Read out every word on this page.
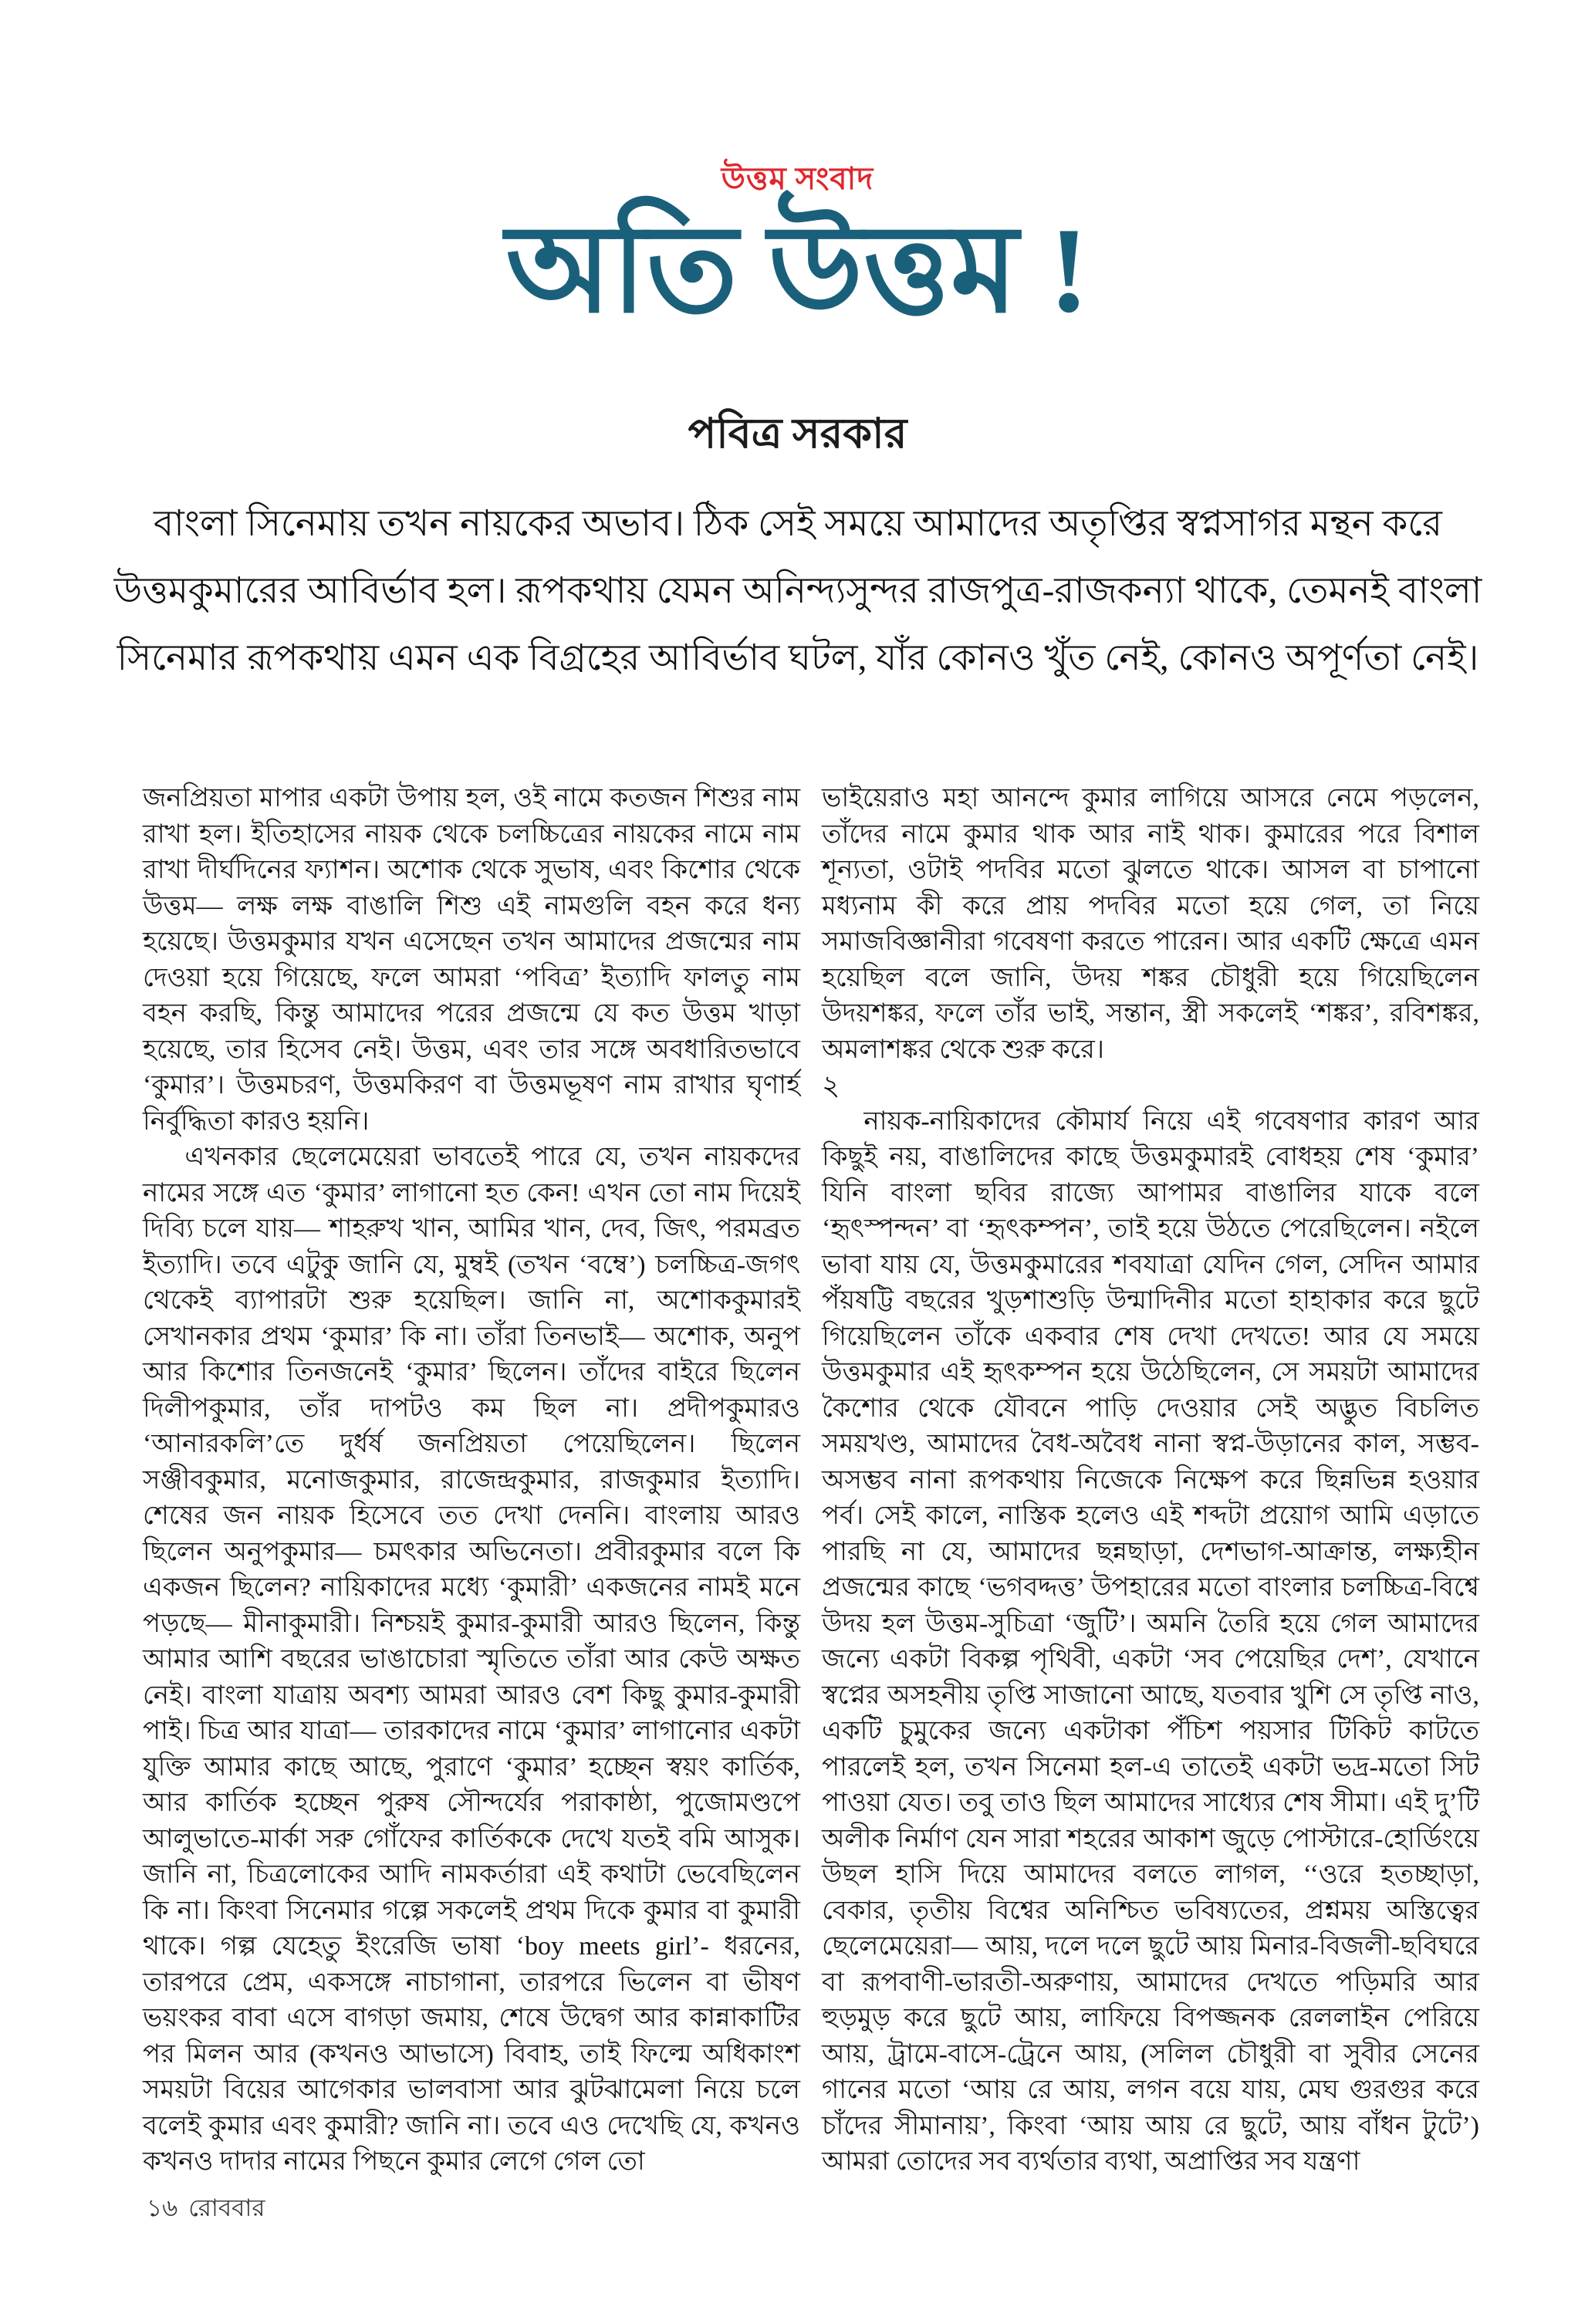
উত্তম সংবাদ
অতি উত্তম !
পবিত্র সরকার
বাংলা সিনেমায় তখন নায়কের অভাব। ঠিক সেই সময়ে আমাদের অতৃপ্তির স্বপ্নসাগর মন্থন করে উত্তমকুমারের আবির্ভাব হল। রূপকথায় যেমন অনিন্দ্যসুন্দর রাজপুত্র-রাজকন্যা থাকে, তেমনই বাংলা সিনেমার রূপকথায় এমন এক বিগ্রহের আবির্ভাব ঘটল, যাঁর কোনও খুঁত নেই, কোনও অপূর্ণতা নেই।

জনপ্রিয়তা মাপার একটা উপায় হল, ওই নামে কতজন শিশুর নাম রাখা হল। ইতিহাসের নায়ক থেকে চলচ্চিত্রের নায়কের নামে নাম রাখা দীর্ঘদিনের ফ্যাশন। অশোক থেকে সুভাষ, এবং কিশোর থেকে উত্তম— লক্ষ লক্ষ বাঙালি শিশু এই নামগুলি বহন করে ধন্য হয়েছে। উত্তমকুমার যখন এসেছেন তখন আমাদের প্রজন্মের নাম দেওয়া হয়ে গিয়েছে, ফলে আমরা ‘পবিত্র’ ইত্যাদি ফালতু নাম বহন করছি, কিন্তু আমাদের পরের প্রজন্মে যে কত উত্তম খাড়া হয়েছে, তার হিসেব নেই। উত্তম, এবং তার সঙ্গে অবধারিতভাবে ‘কুমার’। উত্তমচরণ, উত্তমকিরণ বা উত্তমভূষণ নাম রাখার ঘৃণার্হ নির্বুদ্ধিতা কারও হয়নি।

এখনকার ছেলেমেয়েরা ভাবতেই পারে যে, তখন নায়কদের নামের সঙ্গে এত ‘কুমার’ লাগানো হত কেন! এখন তো নাম দিয়েই দিব্যি চলে যায়— শাহরুখ খান, আমির খান, দেব, জিৎ, পরমব্রত ইত্যাদি। তবে এটুকু জানি যে, মুম্বই (তখন ‘বম্বে’) চলচ্চিত্র-জগৎ থেকেই ব্যাপারটা শুরু হয়েছিল। জানি না, অশোককুমারই সেখানকার প্রথম ‘কুমার’ কি না। তাঁরা তিনভাই— অশোক, অনুপ আর কিশোর তিনজনেই ‘কুমার’ ছিলেন। তাঁদের বাইরে ছিলেন দিলীপকুমার, তাঁর দাপটও কম ছিল না। প্রদীপকুমারও ‘আনারকলি’তে দুর্ধর্ষ জনপ্রিয়তা পেয়েছিলেন। ছিলেন সঞ্জীবকুমার, মনোজকুমার, রাজেন্দ্রকুমার, রাজকুমার ইত্যাদি। শেষের জন নায়ক হিসেবে তত দেখা দেননি। বাংলায় আরও ছিলেন অনুপকুমার— চমৎকার অভিনেতা। প্রবীরকুমার বলে কি একজন ছিলেন? নায়িকাদের মধ্যে ‘কুমারী’ একজনের নামই মনে পড়ছে— মীনাকুমারী। নিশ্চয়ই কুমার-কুমারী আরও ছিলেন, কিন্তু আমার আশি বছরের ভাঙাচোরা স্মৃতিতে তাঁরা আর কেউ অক্ষত নেই। বাংলা যাত্রায় অবশ্য আমরা আরও বেশ কিছু কুমার-কুমারী পাই। চিত্র আর যাত্রা— তারকাদের নামে ‘কুমার’ লাগানোর একটা যুক্তি আমার কাছে আছে, পুরাণে ‘কুমার’ হচ্ছেন স্বয়ং কার্তিক, আর কার্তিক হচ্ছেন পুরুষ সৌন্দর্যের পরাকাষ্ঠা, পুজোমণ্ডপে আলুভাতে-মার্কা সরু গোঁফের কার্তিককে দেখে যতই বমি আসুক। জানি না, চিত্রলোকের আদি নামকর্তারা এই কথাটা ভেবেছিলেন কি না। কিংবা সিনেমার গল্পে সকলেই প্রথম দিকে কুমার বা কুমারী থাকে। গল্প যেহেতু ইংরেজি ভাষা ‘boy meets girl’- ধরনের, তারপরে প্রেম, একসঙ্গে নাচাগানা, তারপরে ভিলেন বা ভীষণ ভয়ংকর বাবা এসে বাগড়া জমায়, শেষে উদ্বেগ আর কান্নাকাটির পর মিলন আর (কখনও আভাসে) বিবাহ, তাই ফিল্মে অধিকাংশ সময়টা বিয়ের আগেকার ভালবাসা আর ঝুটঝামেলা নিয়ে চলে বলেই কুমার এবং কুমারী? জানি না। তবে এও দেখেছি যে, কখনও কখনও দাদার নামের পিছনে কুমার লেগে গেল তো

ভাইয়েরাও মহা আনন্দে কুমার লাগিয়ে আসরে নেমে পড়লেন, তাঁদের নামে কুমার থাক আর নাই থাক। কুমারের পরে বিশাল শূন্যতা, ওটাই পদবির মতো ঝুলতে থাকে। আসল বা চাপানো মধ্যনাম কী করে প্রায় পদবির মতো হয়ে গেল, তা নিয়ে সমাজবিজ্ঞানীরা গবেষণা করতে পারেন। আর একটি ক্ষেত্রে এমন হয়েছিল বলে জানি, উদয় শঙ্কর চৌধুরী হয়ে গিয়েছিলেন উদয়শঙ্কর, ফলে তাঁর ভাই, সন্তান, স্ত্রী সকলেই ‘শঙ্কর’, রবিশঙ্কর, অমলাশঙ্কর থেকে শুরু করে।

২

নায়ক-নায়িকাদের কৌমার্য নিয়ে এই গবেষণার কারণ আর কিছুই নয়, বাঙালিদের কাছে উত্তমকুমারই বোধহয় শেষ ‘কুমার’ যিনি বাংলা ছবির রাজ্যে আপামর বাঙালির যাকে বলে ‘হৃৎস্পন্দন’ বা ‘হৃৎকম্পন’, তাই হয়ে উঠতে পেরেছিলেন। নইলে ভাবা যায় যে, উত্তমকুমারের শবযাত্রা যেদিন গেল, সেদিন আমার পঁয়ষট্টি বছরের খুড়শাশুড়ি উন্মাদিনীর মতো হাহাকার করে ছুটে গিয়েছিলেন তাঁকে একবার শেষ দেখা দেখতে! আর যে সময়ে উত্তমকুমার এই হৃৎকম্পন হয়ে উঠেছিলেন, সে সময়টা আমাদের কৈশোর থেকে যৌবনে পাড়ি দেওয়ার সেই অদ্ভুত বিচলিত সময়খণ্ড, আমাদের বৈধ-অবৈধ নানা স্বপ্ন-উড়ানের কাল, সম্ভব-অসম্ভব নানা রূপকথায় নিজেকে নিক্ষেপ করে ছিন্নভিন্ন হওয়ার পর্ব। সেই কালে, নাস্তিক হলেও এই শব্দটা প্রয়োগ আমি এড়াতে পারছি না যে, আমাদের ছন্নছাড়া, দেশভাগ-আক্রান্ত, লক্ষ্যহীন প্রজন্মের কাছে ‘ভগবদ্দত্ত’ উপহারের মতো বাংলার চলচ্চিত্র-বিশ্বে উদয় হল উত্তম-সুচিত্রা ‘জুটি’। অমনি তৈরি হয়ে গেল আমাদের জন্যে একটা বিকল্প পৃথিবী, একটা ‘সব পেয়েছির দেশ’, যেখানে স্বপ্নের অসহনীয় তৃপ্তি সাজানো আছে, যতবার খুশি সে তৃপ্তি নাও, একটি চুমুকের জন্যে একটাকা পঁচিশ পয়সার টিকিট কাটতে পারলেই হল, তখন সিনেমা হল-এ তাতেই একটা ভদ্র-মতো সিট পাওয়া যেত। তবু তাও ছিল আমাদের সাধ্যের শেষ সীমা। এই দু’টি অলীক নির্মাণ যেন সারা শহরের আকাশ জুড়ে পোস্টারে-হোর্ডিংয়ে উছল হাসি দিয়ে আমাদের বলতে লাগল, ‘‘ওরে হতচ্ছাড়া, বেকার, তৃতীয় বিশ্বের অনিশ্চিত ভবিষ্যতের, প্রশ্নময় অস্তিত্বের ছেলেমেয়েরা— আয়, দলে দলে ছুটে আয় মিনার-বিজলী-ছবিঘরে বা রূপবাণী-ভারতী-অরুণায়, আমাদের দেখতে পড়িমরি আর হুড়মুড় করে ছুটে আয়, লাফিয়ে বিপজ্জনক রেললাইন পেরিয়ে আয়, ট্রামে-বাসে-ট্রেনে আয়, (সলিল চৌধুরী বা সুবীর সেনের গানের মতো ‘আয় রে আয়, লগন বয়ে যায়, মেঘ গুরগুর করে চাঁদের সীমানায়’, কিংবা ‘আয় আয় রে ছুটে, আয় বাঁধন টুটে’) আমরা তোদের সব ব্যর্থতার ব্যথা, অপ্রাপ্তির সব যন্ত্রণা

১৬ রোববার
